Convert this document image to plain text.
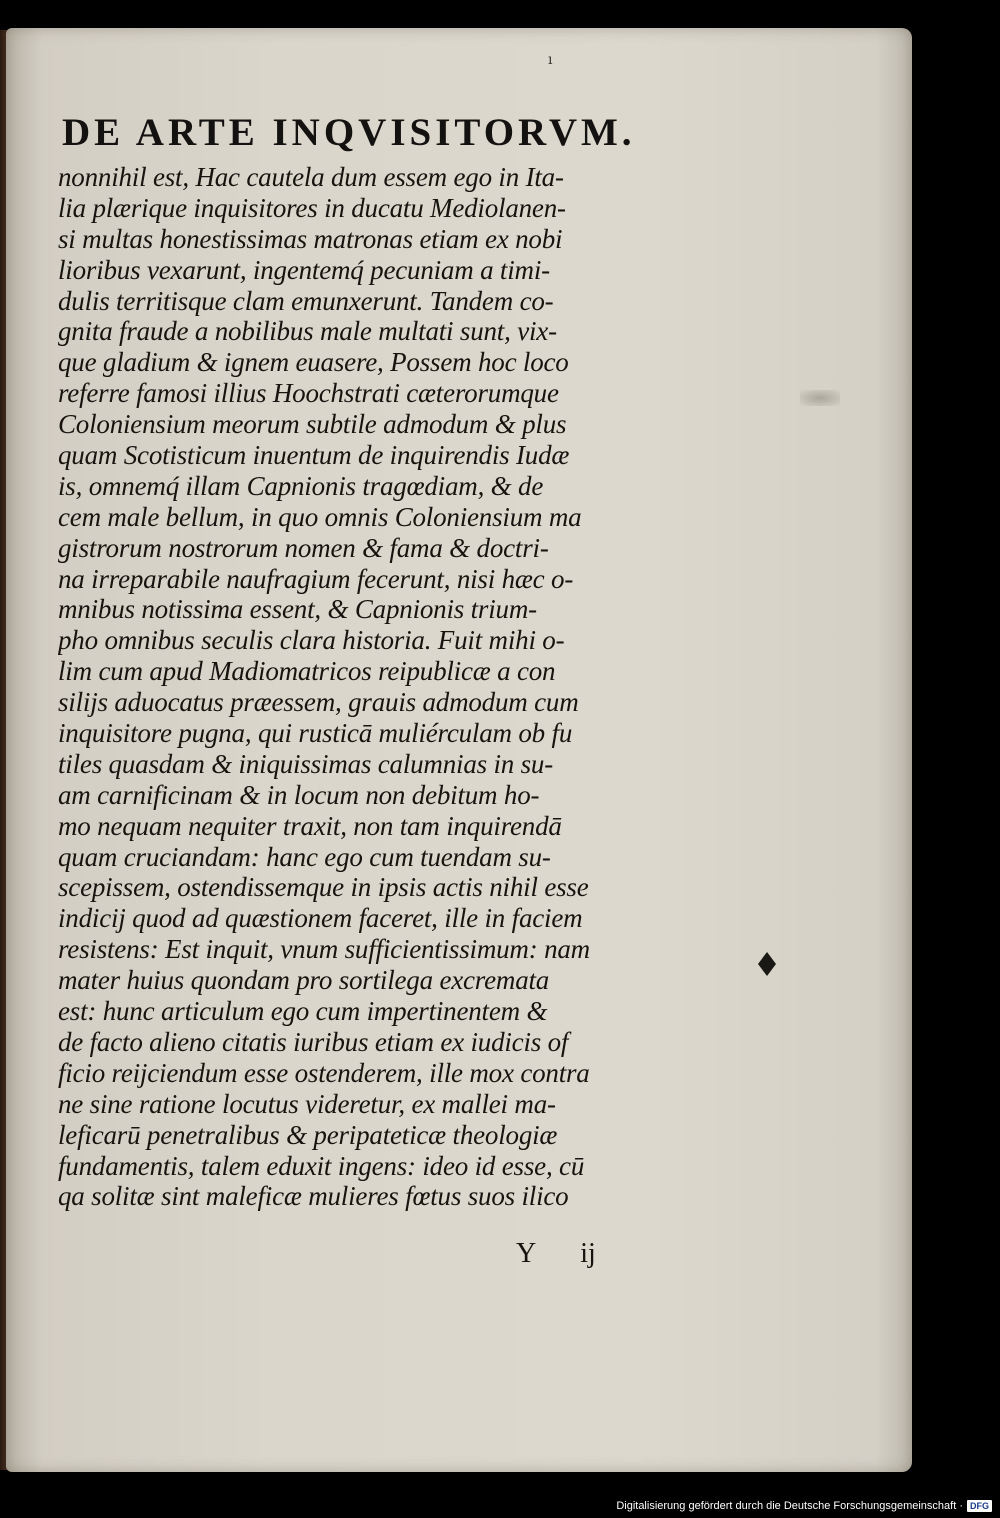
ı
DE ARTE INQVISITORVM.
nonnihil est, Hac cautela dum essem ego in Ita-
lia plærique inquisitores in ducatu Mediolanen-
si multas honestissimas matronas etiam ex nobi
lioribus vexarunt, ingentemq́ pecuniam a timi-
dulis territisque clam emunxerunt. Tandem co-
gnita fraude a nobilibus male multati sunt, vix-
que gladium & ignem euasere, Possem hoc loco
referre famosi illius Hoochstrati cæterorumque
Coloniensium meorum subtile admodum & plus
quam Scotisticum inuentum de inquirendis Iudæ
is, omnemq́ illam Capnionis tragœdiam, & de
cem male bellum, in quo omnis Coloniensium ma
gistrorum nostrorum nomen & fama & doctri-
na irreparabile naufragium fecerunt, nisi hæc o-
mnibus notissima essent, & Capnionis trium-
pho omnibus seculis clara historia. Fuit mihi o-
lim cum apud Madiomatricos reipublicæ a con
silijs aduocatus præessem, grauis admodum cum
inquisitore pugna, qui rusticā muliérculam ob fu
tiles quasdam & iniquissimas calumnias in su-
am carnificinam & in locum non debitum ho-
mo nequam nequiter traxit, non tam inquirendā
quam cruciandam: hanc ego cum tuendam su-
scepissem, ostendissemque in ipsis actis nihil esse
indicij quod ad quæstionem faceret, ille in faciem
resistens: Est inquit, vnum sufficientissimum: nam
mater huius quondam pro sortilega excremata
est: hunc articulum ego cum impertinentem &
de facto alieno citatis iuribus etiam ex iudicis of
ficio reijciendum esse ostenderem, ille mox contra
ne sine ratione locutus videretur, ex mallei ma-
leficarū penetralibus & peripateticæ theologiæ
fundamentis, talem eduxit ingens: ideo id esse, cū
qa solitæ sint maleficæ mulieres fœtus suos ilico
Y ij
Digitalisierung gefördert durch die Deutsche Forschungsgemeinschaft · DFG
